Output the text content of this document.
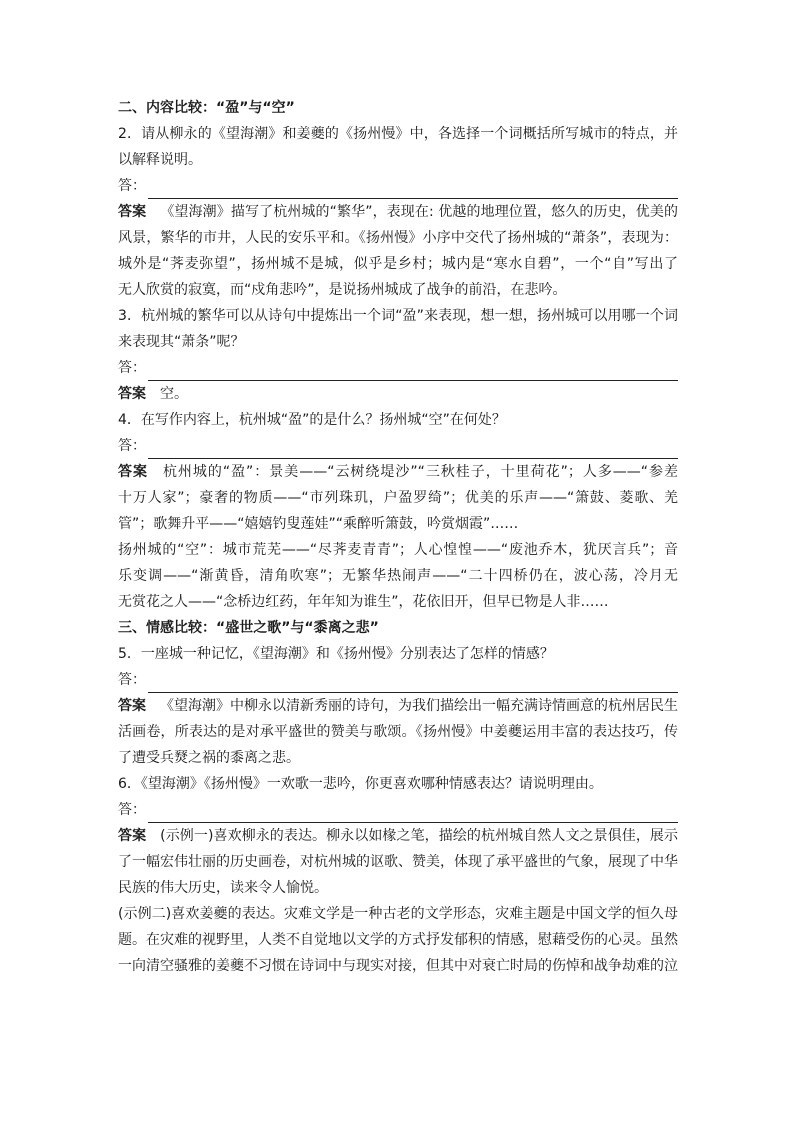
二、内容比较：“盈”与“空”
2．请从柳永的《望海潮》和姜夔的《扬州慢》中，各选择一个词概括所写城市的特点，并
以解释说明。
答：
答案 《望海潮》描写了杭州城的“繁华”，表现在: 优越的地理位置，悠久的历史，优美的
风景，繁华的市井，人民的安乐平和。《扬州慢》小序中交代了扬州城的“萧条”，表现为：
城外是“荠麦弥望”，扬州城不是城，似乎是乡村；城内是“寒水自碧”，一个“自”写出了
无人欣赏的寂寞，而“戍角悲吟”，是说扬州城成了战争的前沿，在悲吟。
3．杭州城的繁华可以从诗句中提炼出一个词“盈”来表现，想一想，扬州城可以用哪一个词
来表现其“萧条”呢？
答：
答案 空。
4．在写作内容上，杭州城“盈”的是什么？扬州城“空”在何处？
答：
答案 杭州城的“盈”：景美——“云树绕堤沙”“三秋桂子，十里荷花”；人多——“参差
十万人家”；豪奢的物质——“市列珠玑，户盈罗绮”；优美的乐声——“箫鼓、菱歌、羌
管”；歌舞升平——“嬉嬉钓叟莲娃”“乘醉听箫鼓，吟赏烟霞”……
扬州城的“空”：城市荒芜——“尽荠麦青青”；人心惶惶——“废池乔木，犹厌言兵”；音
乐变调——“渐黄昏，清角吹寒”；无繁华热闹声——“二十四桥仍在，波心荡，冷月无
无赏花之人——“念桥边红药，年年知为谁生”，花依旧开，但早已物是人非……
三、情感比较：“盛世之歌”与“黍离之悲”
5．一座城一种记忆，《望海潮》和《扬州慢》分别表达了怎样的情感？
答：
答案 《望海潮》中柳永以清新秀丽的诗句，为我们描绘出一幅充满诗情画意的杭州居民生
活画卷，所表达的是对承平盛世的赞美与歌颂。《扬州慢》中姜夔运用丰富的表达技巧，传
了遭受兵燹之祸的黍离之悲。
6．《望海潮》《扬州慢》一欢歌一悲吟，你更喜欢哪种情感表达？请说明理由。
答：
答案 (示例一)喜欢柳永的表达。柳永以如椽之笔，描绘的杭州城自然人文之景俱佳，展示
了一幅宏伟壮丽的历史画卷，对杭州城的讴歌、赞美，体现了承平盛世的气象，展现了中华
民族的伟大历史，读来令人愉悦。
(示例二)喜欢姜夔的表达。灾难文学是一种古老的文学形态，灾难主题是中国文学的恒久母
题。在灾难的视野里，人类不自觉地以文学的方式抒发郁积的情感，慰藉受伤的心灵。虽然
一向清空骚雅的姜夔不习惯在诗词中与现实对接，但其中对衰亡时局的伤悼和战争劫难的泣
